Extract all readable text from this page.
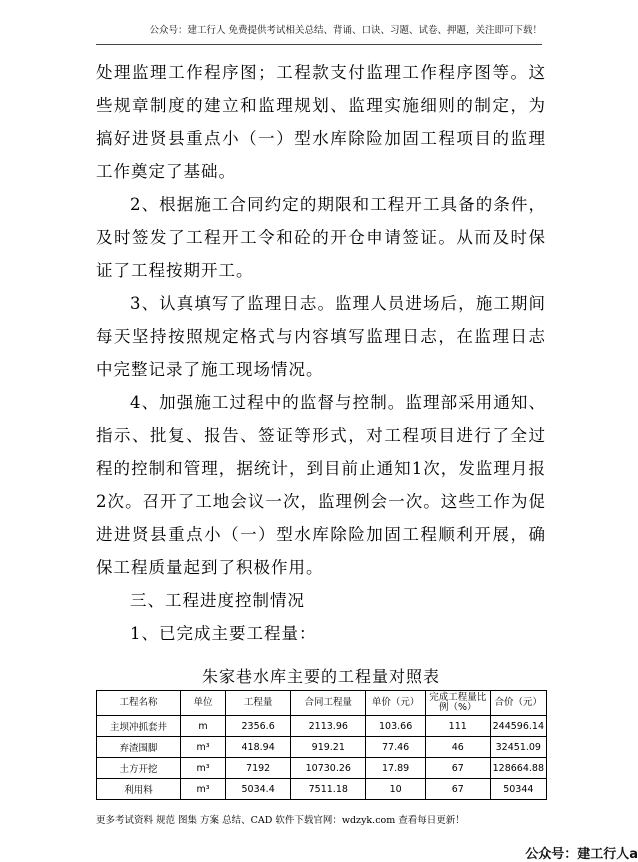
公众号：建工行人 免费提供考试相关总结、背诵、口诀、习题、试卷、押题，关注即可下载！

处理监理工作程序图；工程款支付监理工作程序图等。这些规章制度的建立和监理规划、监理实施细则的制定，为搞好进贤县重点小（一）型水库除险加固工程项目的监理工作奠定了基础。

2、根据施工合同约定的期限和工程开工具备的条件，及时签发了工程开工令和砼的开仓申请签证。从而及时保证了工程按期开工。

3、认真填写了监理日志。监理人员进场后，施工期间每天坚持按照规定格式与内容填写监理日志，在监理日志中完整记录了施工现场情况。

4、加强施工过程中的监督与控制。监理部采用通知、指示、批复、报告、签证等形式，对工程项目进行了全过程的控制和管理，据统计，到目前止通知1次，发监理月报2次。召开了工地会议一次，监理例会一次。这些工作为促进进贤县重点小（一）型水库除险加固工程顺利开展，确保工程质量起到了积极作用。

三、工程进度控制情况

1、已完成主要工程量：

朱家巷水库主要的工程量对照表
工程名称	单位	工程量	合同工程量	单价（元）	完成工程量比例（%）	合价（元）
主坝冲抓套井	m	2356.6	2113.96	103.66	111	244596.14
弃渣围脚	m³	418.94	919.21	77.46	46	32451.09
土方开挖	m³	7192	10730.26	17.89	67	128664.88
利用料	m³	5034.4	7511.18	10	67	50344
更多考试资料 规范 图集 方案 总结、CAD 软件下载官网：wdzyk.com 查看每日更新！
公众号：建工行人a
